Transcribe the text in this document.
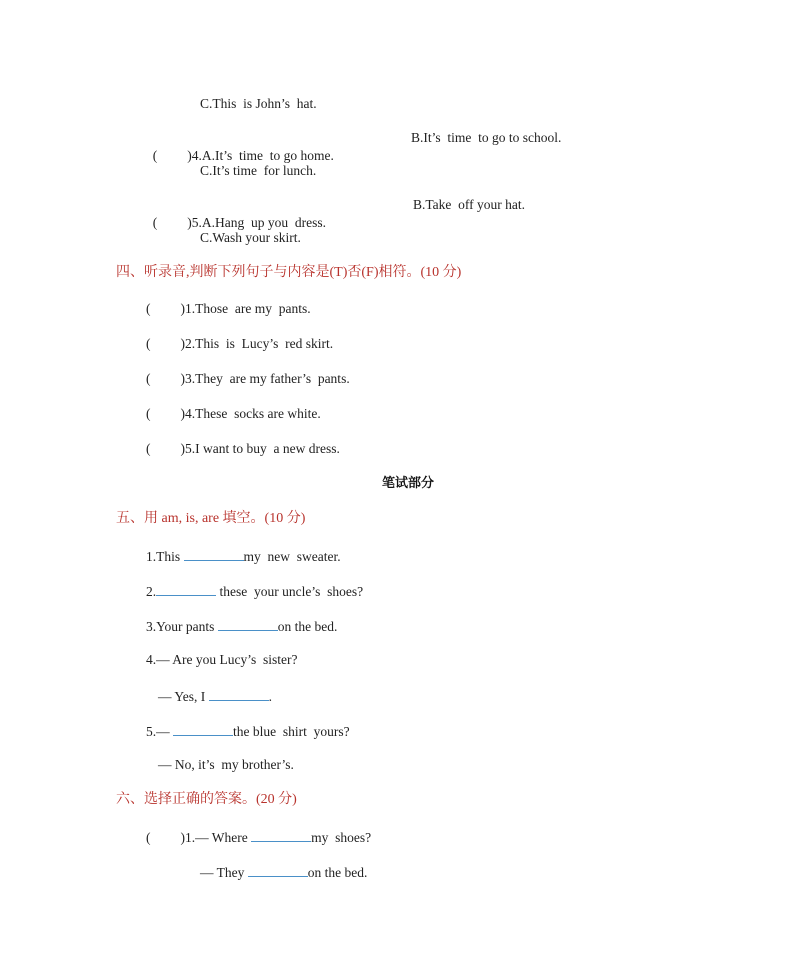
C.This  is John’s  hat.

( )4.A.It’s  time  to go home.

B.It’s  time  to go to school.
C.It’s time  for lunch.

( )5.A.Hang  up you  dress.

B.Take  off your hat.
C.Wash your skirt.
四、听录音,判断下列句子与内容是(T)否(F)相符。(10 分)
( )1.Those  are my  pants.
( )2.This  is  Lucy’s  red skirt.
( )3.They  are my father’s  pants.
( )4.These  socks are white.
( )5.I want to buy  a new dress.
笔试部分
五、用 am, is, are 填空。(10 分)
1.This	my  new  sweater.
2.	these  your uncle’s  shoes?
3.Your pants	on the bed.
4.— Are you Lucy’s  sister?
— Yes, I	.
5.—	the blue  shirt  yours?
— No, it’s  my brother’s.
六、选择正确的答案。(20 分)
( )1.— Where	my  shoes?
— They	on the bed.
